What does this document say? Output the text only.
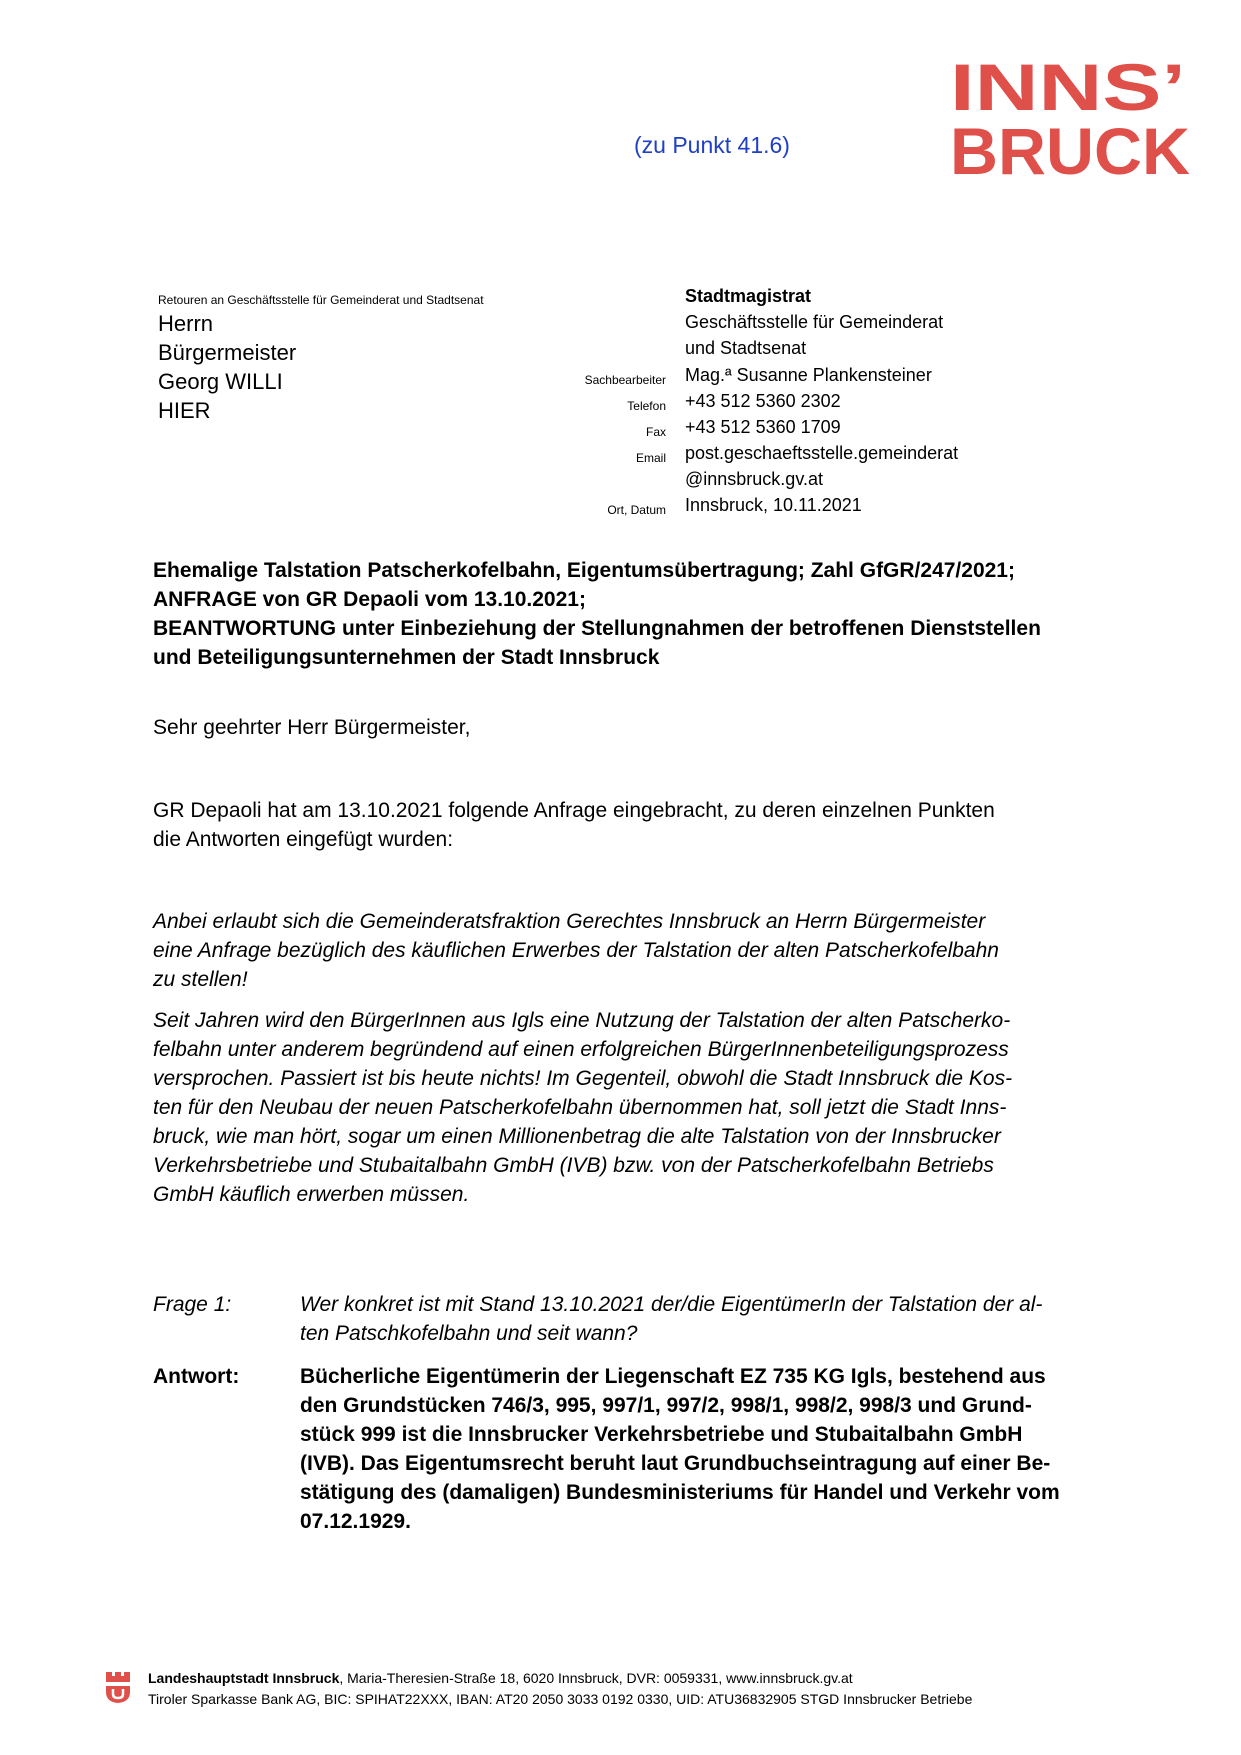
(zu Punkt 41.6)
INNS’
BRUCK
Retouren an Geschäftsstelle für Gemeinderat und Stadtsenat
Herrn
Bürgermeister
Georg WILLI
HIER
Stadtmagistrat
Geschäftsstelle für Gemeinderat
und Stadtsenat
Sachbearbeiter Mag.ª Susanne Plankensteiner
Telefon +43 512 5360 2302
Fax +43 512 5360 1709
Email post.geschaeftsstelle.gemeinderat
@innsbruck.gv.at
Ort, Datum Innsbruck, 10.11.2021
Ehemalige Talstation Patscherkofelbahn, Eigentumsübertragung; Zahl GfGR/247/2021;
ANFRAGE von GR Depaoli vom 13.10.2021;
BEANTWORTUNG unter Einbeziehung der Stellungnahmen der betroffenen Dienststellen
und Beteiligungsunternehmen der Stadt Innsbruck
Sehr geehrter Herr Bürgermeister,
GR Depaoli hat am 13.10.2021 folgende Anfrage eingebracht, zu deren einzelnen Punkten
die Antworten eingefügt wurden:
Anbei erlaubt sich die Gemeinderatsfraktion Gerechtes Innsbruck an Herrn Bürgermeister
eine Anfrage bezüglich des käuflichen Erwerbes der Talstation der alten Patscherkofelbahn
zu stellen!
Seit Jahren wird den BürgerInnen aus Igls eine Nutzung der Talstation der alten Patscherko-
felbahn unter anderem begründend auf einen erfolgreichen BürgerInnenbeteiligungsprozess
versprochen. Passiert ist bis heute nichts! Im Gegenteil, obwohl die Stadt Innsbruck die Kos-
ten für den Neubau der neuen Patscherkofelbahn übernommen hat, soll jetzt die Stadt Inns-
bruck, wie man hört, sogar um einen Millionenbetrag die alte Talstation von der Innsbrucker
Verkehrsbetriebe und Stubaitalbahn GmbH (IVB) bzw. von der Patscherkofelbahn Betriebs
GmbH käuflich erwerben müssen.
Frage 1:	Wer konkret ist mit Stand 13.10.2021 der/die EigentümerIn der Talstation der al-
ten Patschkofelbahn und seit wann?
Antwort:	Bücherliche Eigentümerin der Liegenschaft EZ 735 KG Igls, bestehend aus
den Grundstücken 746/3, 995, 997/1, 997/2, 998/1, 998/2, 998/3 und Grund-
stück 999 ist die Innsbrucker Verkehrsbetriebe und Stubaitalbahn GmbH
(IVB). Das Eigentumsrecht beruht laut Grundbuchseintragung auf einer Be-
stätigung des (damaligen) Bundesministeriums für Handel und Verkehr vom
07.12.1929.
Landeshauptstadt Innsbruck, Maria-Theresien-Straße 18, 6020 Innsbruck, DVR: 0059331, www.innsbruck.gv.at
Tiroler Sparkasse Bank AG, BIC: SPIHAT22XXX, IBAN: AT20 2050 3033 0192 0330, UID: ATU36832905 STGD Innsbrucker Betriebe
